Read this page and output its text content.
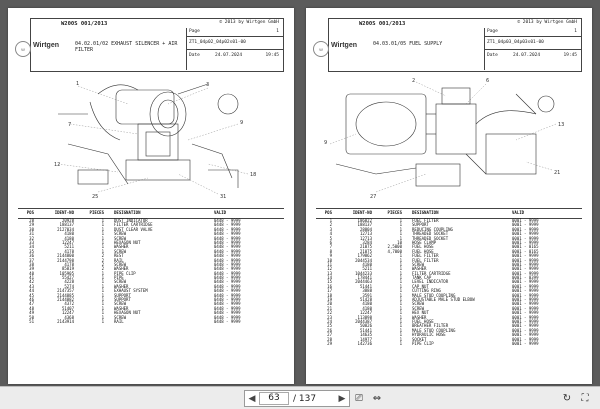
W
W200S 001/2013	© 2013 by Wirtgen GmbH
Wirtgen	04.02.01/02 EXHAUST SILENCER + AIR FILTER
Page	1
ZT1_04p02_04p02s01-00
Date	24.07.2024	19:45
1
7
3
9
12
18
25	31
POS	IDENT-NO	PIECES	DESIGNATION	VALID
28	20928	1	DUST INDICATOR	0448 - 9999
29	188137	1	FILTER CARTRIDGE	0448 - 9999
30	2127034	1	DUST CLEAR VALVE	0448 - 9999
31	4180	1	SCREW	0448 - 9999
32	4180	1	SCREW	0448 - 9999
33	12247	1	HEXAGON NUT	0448 - 9999
34	5211	1	WASHER	0448 - 9999
35	4178	1	SCREW	0448 - 9999
36	2144800	2	REST	0448 - 9999
37	2144798	2	RAIL	0448 - 9999
38	4178	2	SCREW	0448 - 9999
39	85819	2	WASHER	0448 - 9999
40	105905	1	PIPE CLIP	0448 - 9999
41	55427	1	PIPE	0448 - 9999
42	4228	1	SCREW	0448 - 9999
43	5274	1	WASHER	0448 - 9999
44	2147357	1	EXHAUST SYSTEM	0448 - 9999
45	2144885	1	SUPPORT	0448 - 9999
46	2144882	1	SUPPORT	0448 - 9999
47	4372	1	SCREW	0448 - 9999
48	51407	1	WASHER	0448 - 9999
49	12247	1	HEXAGON NUT	0448 - 9999
50	4368	1	SCREW	0448 - 9999
51	2143914	1	RAIL	0448 - 9999
W
W200S 001/2013	© 2013 by Wirtgen GmbH
Wirtgen	04.03.01/05 FUEL SUPPLY
Page	1
ZT1_04p03_04p03s01-00
Date	24.07.2024	19:45
2	6
13
9
21
27
POS	IDENT-NO	PIECES	DESIGNATION	VALID
1	186822	1	FUEL FILTER	0001 - 9999
2	188137	1	SUPPORT	0001 - 9999
3	28804	1	REDUCING COUPLING	0001 - 9999
4	12713	1	THREADED SOCKET	0001 - 9999
5	12713	1	THREADED SOCKET	0001 - 9999
6	3284	10	HOSE CLAMP	0001 - 9999
7	21075	2,5000	FUEL HOSE	0001 - 0165
8	21075	4,7000	FUEL HOSE	0001 - 0165
9	179862	1	FUEL FILTER	0001 - 9999
10	2044534	1	FUEL FILTER	0001 - 9999
11	4180	1	SCREW	0001 - 9999
12	5211	1	WASHER	0001 - 9999
13	1044233	1	FILTER CARTRIDGE	0001 - 9999
14	178441	1	TANK CAP	0001 - 0399
15	2044463	1	LEVEL INDICATOR	0001 - 9999
16	51441	1	CAP NUT	0001 - 9999
17	3888	1	CUTTING RING	0001 - 9999
18	3591	1	MALE STUD COUPLING	0001 - 9999
19	51428	1	ADJUSTABLE MALE STUD ELBOW	0001 - 9999
20	4180	1	SCREW	0001 - 9999
21	4180	1	SCREW	0001 - 9999
22	12247	1	HEX NUT	0001 - 9999
23	113898	1	WASHER	0001 - 9999
24	2044387	1	FUEL HOSE	0001 - 9999
25	50826	1	BREATHER FILTER	0001 - 9999
26	51441	1	MALE STUD COUPLING	0001 - 9999
27	14635	1	HYDRAULIC HOSE	0001 - 9999
28	14977	1	SOCKET	0001 - 9999
29	142736	1	PIPE CLIP	0001 - 9999
◀	63	/ 137	▶ ⎚ ⇔	↻	⛶
